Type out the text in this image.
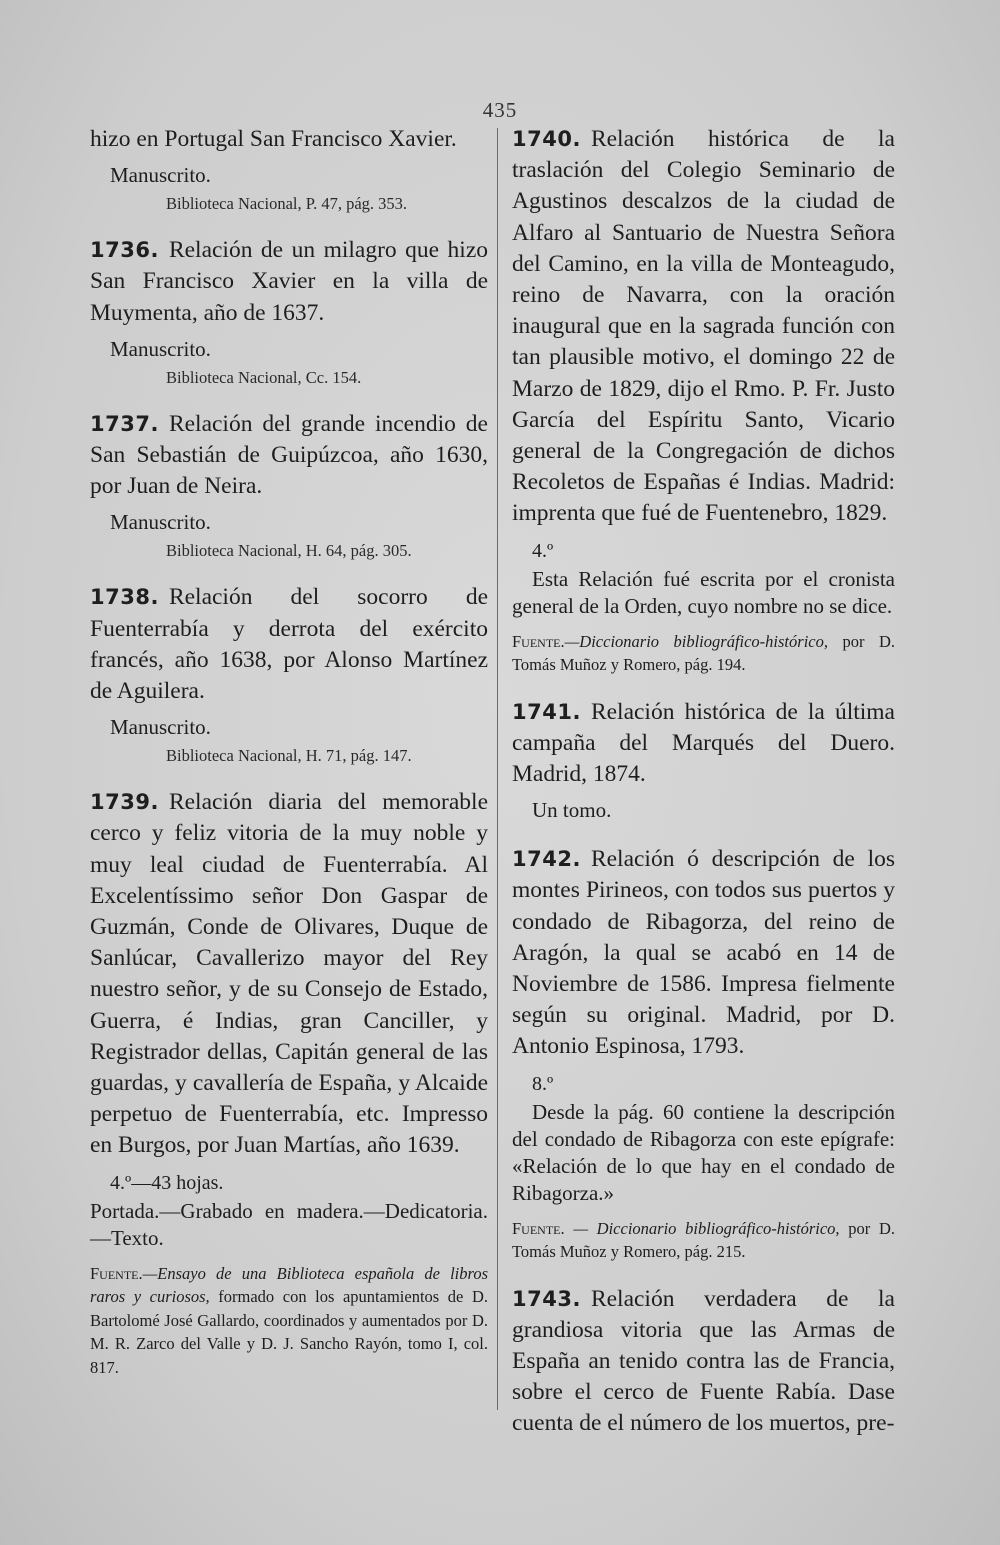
435

hizo en Portugal San Francisco Xavier.

Manuscrito.

Biblioteca Nacional, P. 47, pág. 353.

1736. Relación de un milagro que hizo San Francisco Xavier en la villa de Muymenta, año de 1637.

Manuscrito.

Biblioteca Nacional, Cc. 154.

1737. Relación del grande incendio de San Sebastián de Guipúzcoa, año 1630, por Juan de Neira.

Manuscrito.

Biblioteca Nacional, H. 64, pág. 305.

1738. Relación del socorro de Fuenterrabía y derrota del exército francés, año 1638, por Alonso Martínez de Aguilera.

Manuscrito.

Biblioteca Nacional, H. 71, pág. 147.

1739. Relación diaria del memorable cerco y feliz vitoria de la muy noble y muy leal ciudad de Fuenterrabía. Al Excelentíssimo señor Don Gaspar de Guzmán, Conde de Olivares, Duque de Sanlúcar, Cavallerizo mayor del Rey nuestro señor, y de su Consejo de Estado, Guerra, é Indias, gran Canciller, y Registrador dellas, Capitán general de las guardas, y cavallería de España, y Alcaide perpetuo de Fuenterrabía, etc. Impresso en Burgos, por Juan Martías, año 1639.

4.º—43 hojas.

Portada.—Grabado en madera.—Dedicatoria.—Texto.

Fuente.—Ensayo de una Biblioteca española de libros raros y curiosos, formado con los apuntamientos de D. Bartolomé José Gallardo, coordinados y aumentados por D. M. R. Zarco del Valle y D. J. Sancho Rayón, tomo I, col. 817.

1740. Relación histórica de la traslación del Colegio Seminario de Agustinos descalzos de la ciudad de Alfaro al Santuario de Nuestra Señora del Camino, en la villa de Monteagudo, reino de Navarra, con la oración inaugural que en la sagrada función con tan plausible motivo, el domingo 22 de Marzo de 1829, dijo el Rmo. P. Fr. Justo García del Espíritu Santo, Vicario general de la Congregación de dichos Recoletos de Españas é Indias. Madrid: imprenta que fué de Fuentenebro, 1829.

4.º

Esta Relación fué escrita por el cronista general de la Orden, cuyo nombre no se dice.

Fuente.—Diccionario bibliográfico-histórico, por D. Tomás Muñoz y Romero, pág. 194.

1741. Relación histórica de la última campaña del Marqués del Duero. Madrid, 1874.

Un tomo.

1742. Relación ó descripción de los montes Pirineos, con todos sus puertos y condado de Ribagorza, del reino de Aragón, la qual se acabó en 14 de Noviembre de 1586. Impresa fielmente según su original. Madrid, por D. Antonio Espinosa, 1793.

8.º

Desde la pág. 60 contiene la descripción del condado de Ribagorza con este epígrafe: «Relación de lo que hay en el condado de Ribagorza.»

Fuente. — Diccionario bibliográfico-histórico, por D. Tomás Muñoz y Romero, pág. 215.

1743. Relación verdadera de la grandiosa vitoria que las Armas de España an tenido contra las de Francia, sobre el cerco de Fuente Rabía. Dase cuenta de el número de los muertos, pre-
